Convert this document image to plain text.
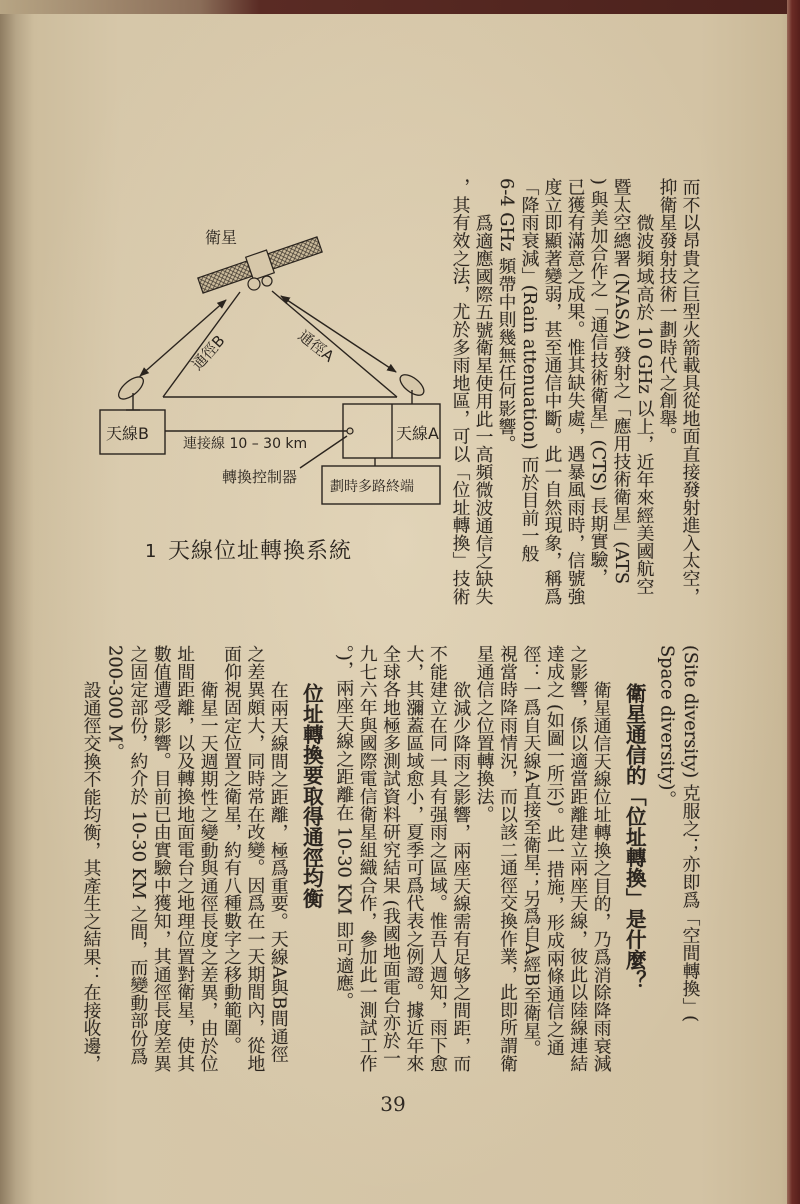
而不以昂貴之巨型火箭載具從地面直接發射進入太空，
抑衛星發射技術一劃時代之創舉。
微波頻域高於 10 GHz 以上，近年來經美國航空
暨太空總署 (NASA) 發射之「應用技術衛星」(ATS
) 與美加合作之「通信技術衛星」(CTS) 長期實驗，
已獲有滿意之成果。惟其缺失處，遇暴風雨時，信號強
度立即顯著變弱，甚至通信中斷。此一自然現象，稱爲
「降雨衰減」(Rain attenuation) 而於目前一般
6-4 GHz 頻帶中則幾無任何影響。
爲適應國際五號衛星使用此一高頻微波通信之缺失
，其有效之法，尤於多雨地區，可以「位址轉換」技術
衛星
通徑B	通徑A
天線B	天線A
連接線 10 – 30 km
轉換控制器
劃時多路終端
1 天線位址轉換系統
(Site diversity) 克服之；亦即爲「空間轉換」(
Space diversity)。
衛星通信的「位址轉換」是什麼？
衛星通信天線位址轉換之目的，乃爲消除降雨衰減
之影響，係以適當距離建立兩座天線，彼此以陸線連結
達成之 (如圖一所示)。此一措施，形成兩條通信之通
徑：一爲自天線A直接至衛星；另爲自A經B至衛星。
視當時降雨情況，而以該二通徑交換作業，此即所謂衛
星通信之位置轉換法。
欲減少降雨之影響，兩座天線需有足够之間距，而
不能建立在同一具有强雨之區域。惟吾人週知，雨下愈
大，其瀰蓋區域愈小，夏季可爲代表之例證。據近年來
全球各地極多測試資料研究結果 (我國地面電台亦於一
九七六年與國際電信衛星組織合作，參加此一測試工作
。)，兩座天線之距離在 10-30 KM 即可適應。
位址轉換要取得通徑均衡
在兩天線間之距離，極爲重要。天線A與B間通徑
之差異頗大，同時常在改變。因爲在一天期間內，從地
面仰視固定位置之衛星，約有八種數字之移動範圍。
衛星一天週期性之變動與通徑長度之差異，由於位
址間距離，以及轉換地面電台之地理位置對衛星，使其
數值遭受影響。目前已由實驗中獲知，其通徑長度差異
之固定部份，約介於 10-30 KM 之間，而變動部份爲
200-300 M。
設通徑交換不能均衡，其產生之結果：在接收邊，
39
